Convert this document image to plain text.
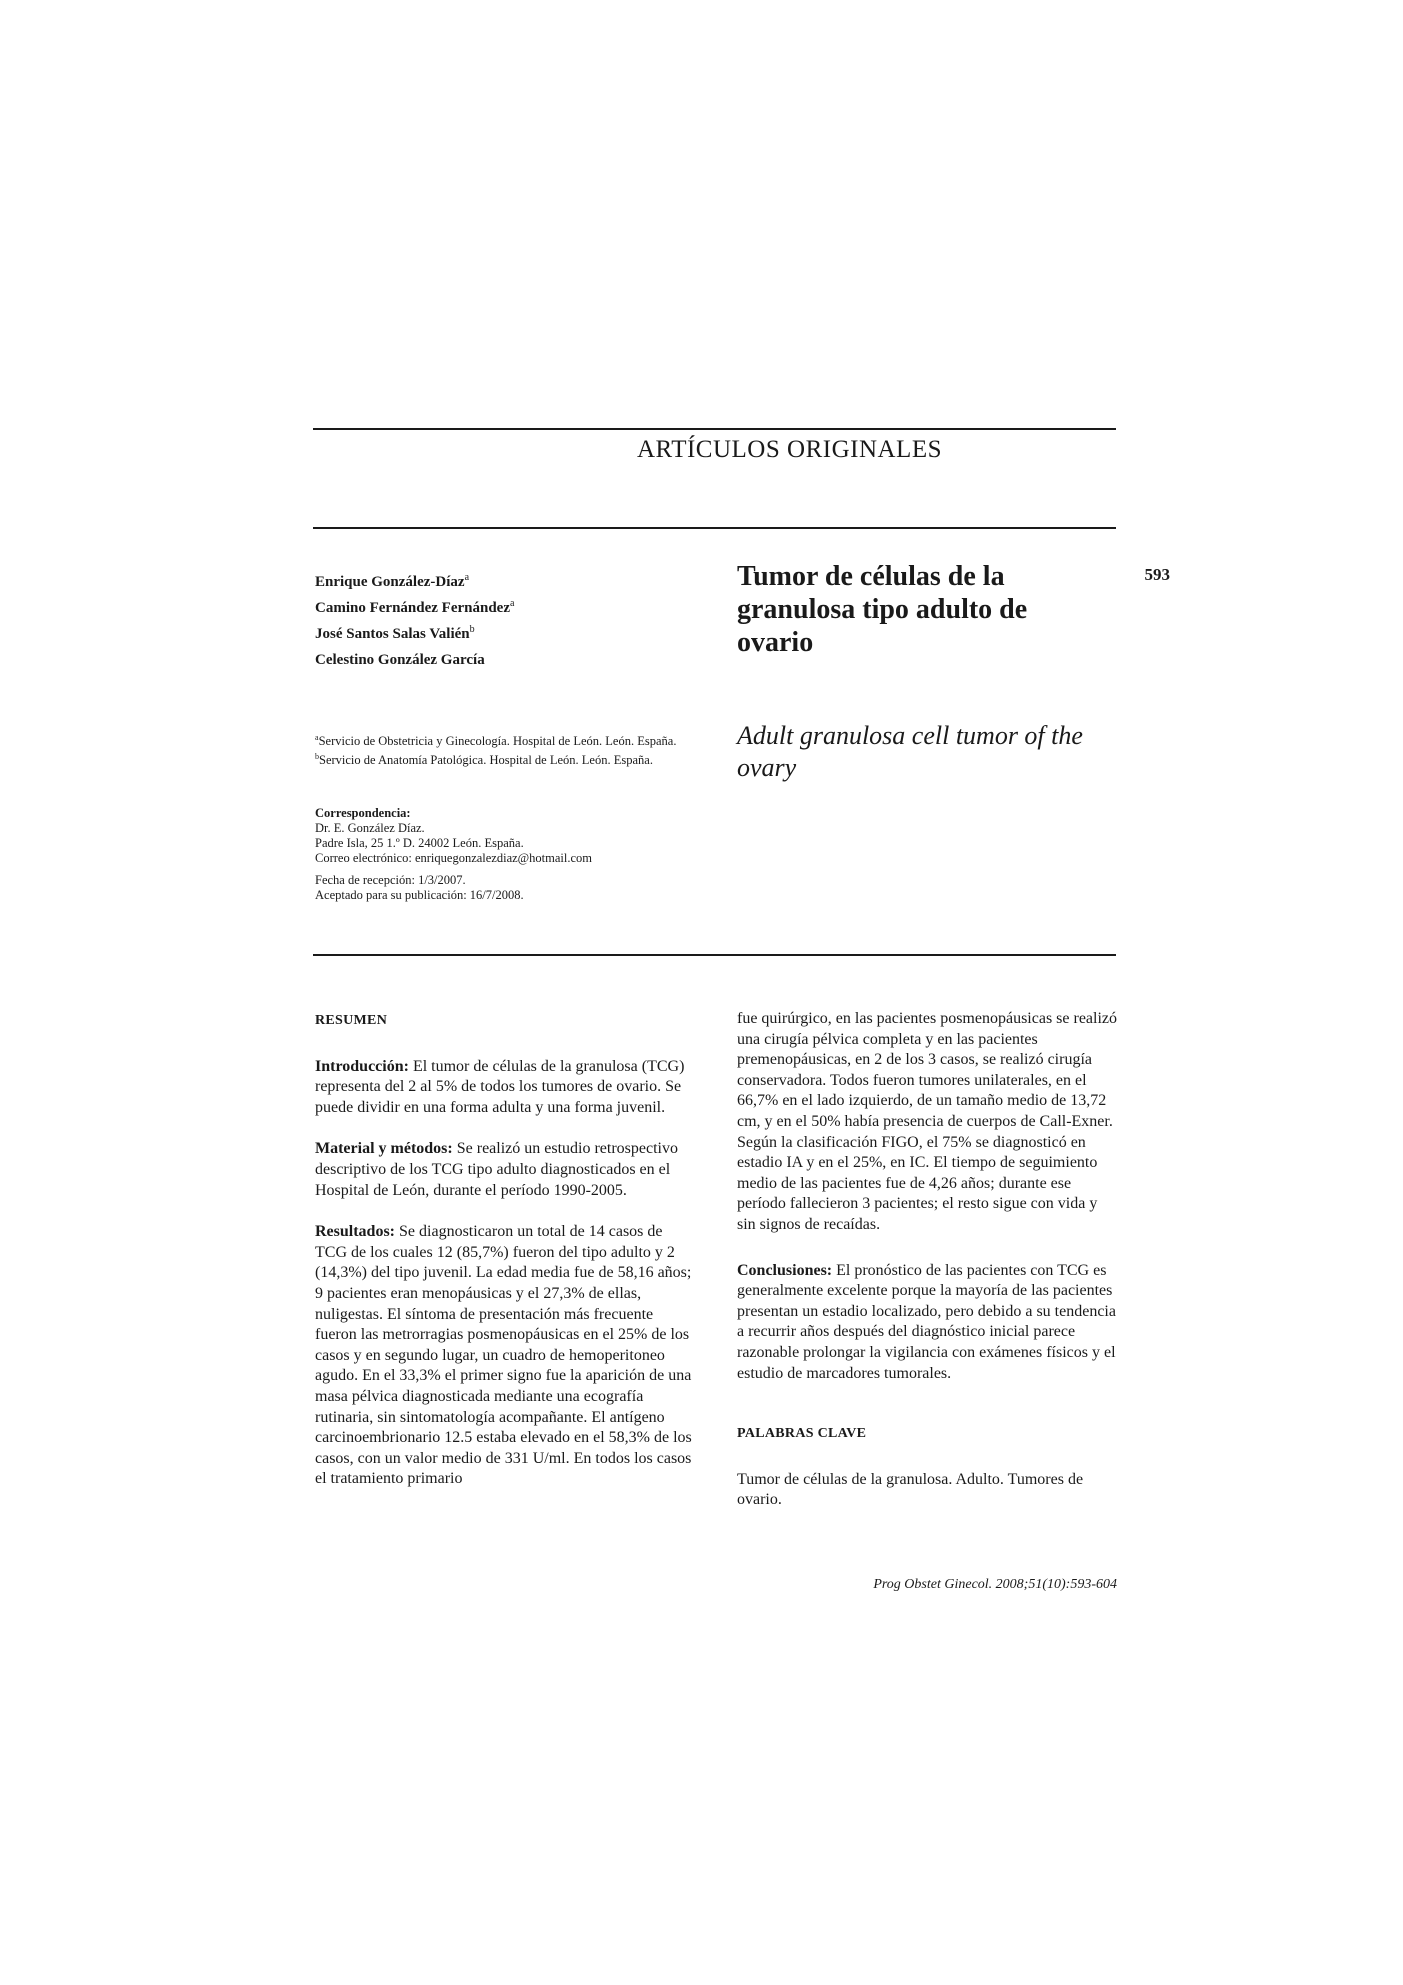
ARTÍCULOS ORIGINALES
Enrique González-Díaz$^a$
Camino Fernández Fernández$^a$
José Santos Salas Valién$^b$
Celestino González García
Tumor de células de la granulosa tipo adulto de ovario
593
Adult granulosa cell tumor of the ovary

$^a$Servicio de Obstetricia y Ginecología. Hospital de León. León. España.

$^b$Servicio de Anatomía Patológica. Hospital de León. León. España.

Correspondencia:

Dr. E. González Díaz.

Padre Isla, 25 1.º D. 24002 León. España.

Correo electrónico: enriquegonzalezdiaz@hotmail.com

Fecha de recepción: 1/3/2007.

Aceptado para su publicación: 16/7/2008.

RESUMEN

Introducción: El tumor de células de la granulosa (TCG) representa del 2 al 5% de todos los tumores de ovario. Se puede dividir en una forma adulta y una forma juvenil.

Material y métodos: Se realizó un estudio retrospectivo descriptivo de los TCG tipo adulto diagnosticados en el Hospital de León, durante el período 1990-2005.

Resultados: Se diagnosticaron un total de 14 casos de TCG de los cuales 12 (85,7%) fueron del tipo adulto y 2 (14,3%) del tipo juvenil. La edad media fue de 58,16 años; 9 pacientes eran menopáusicas y el 27,3% de ellas, nuligestas. El síntoma de presentación más frecuente fueron las metrorragias posmenopáusicas en el 25% de los casos y en segundo lugar, un cuadro de hemoperitoneo agudo. En el 33,3% el primer signo fue la aparición de una masa pélvica diagnosticada mediante una ecografía rutinaria, sin sintomatología acompañante. El antígeno carcinoembrionario 12.5 estaba elevado en el 58,3% de los casos, con un valor medio de 331 U/ml. En todos los casos el tratamiento primario

fue quirúrgico, en las pacientes posmenopáusicas se realizó una cirugía pélvica completa y en las pacientes premenopáusicas, en 2 de los 3 casos, se realizó cirugía conservadora. Todos fueron tumores unilaterales, en el 66,7% en el lado izquierdo, de un tamaño medio de 13,72 cm, y en el 50% había presencia de cuerpos de Call-Exner. Según la clasificación FIGO, el 75% se diagnosticó en estadio IA y en el 25%, en IC. El tiempo de seguimiento medio de las pacientes fue de 4,26 años; durante ese período fallecieron 3 pacientes; el resto sigue con vida y sin signos de recaídas.

Conclusiones: El pronóstico de las pacientes con TCG es generalmente excelente porque la mayoría de las pacientes presentan un estadio localizado, pero debido a su tendencia a recurrir años después del diagnóstico inicial parece razonable prolongar la vigilancia con exámenes físicos y el estudio de marcadores tumorales.

PALABRAS CLAVE

Tumor de células de la granulosa. Adulto. Tumores de ovario.

Prog Obstet Ginecol. 2008;51(10):593-604
